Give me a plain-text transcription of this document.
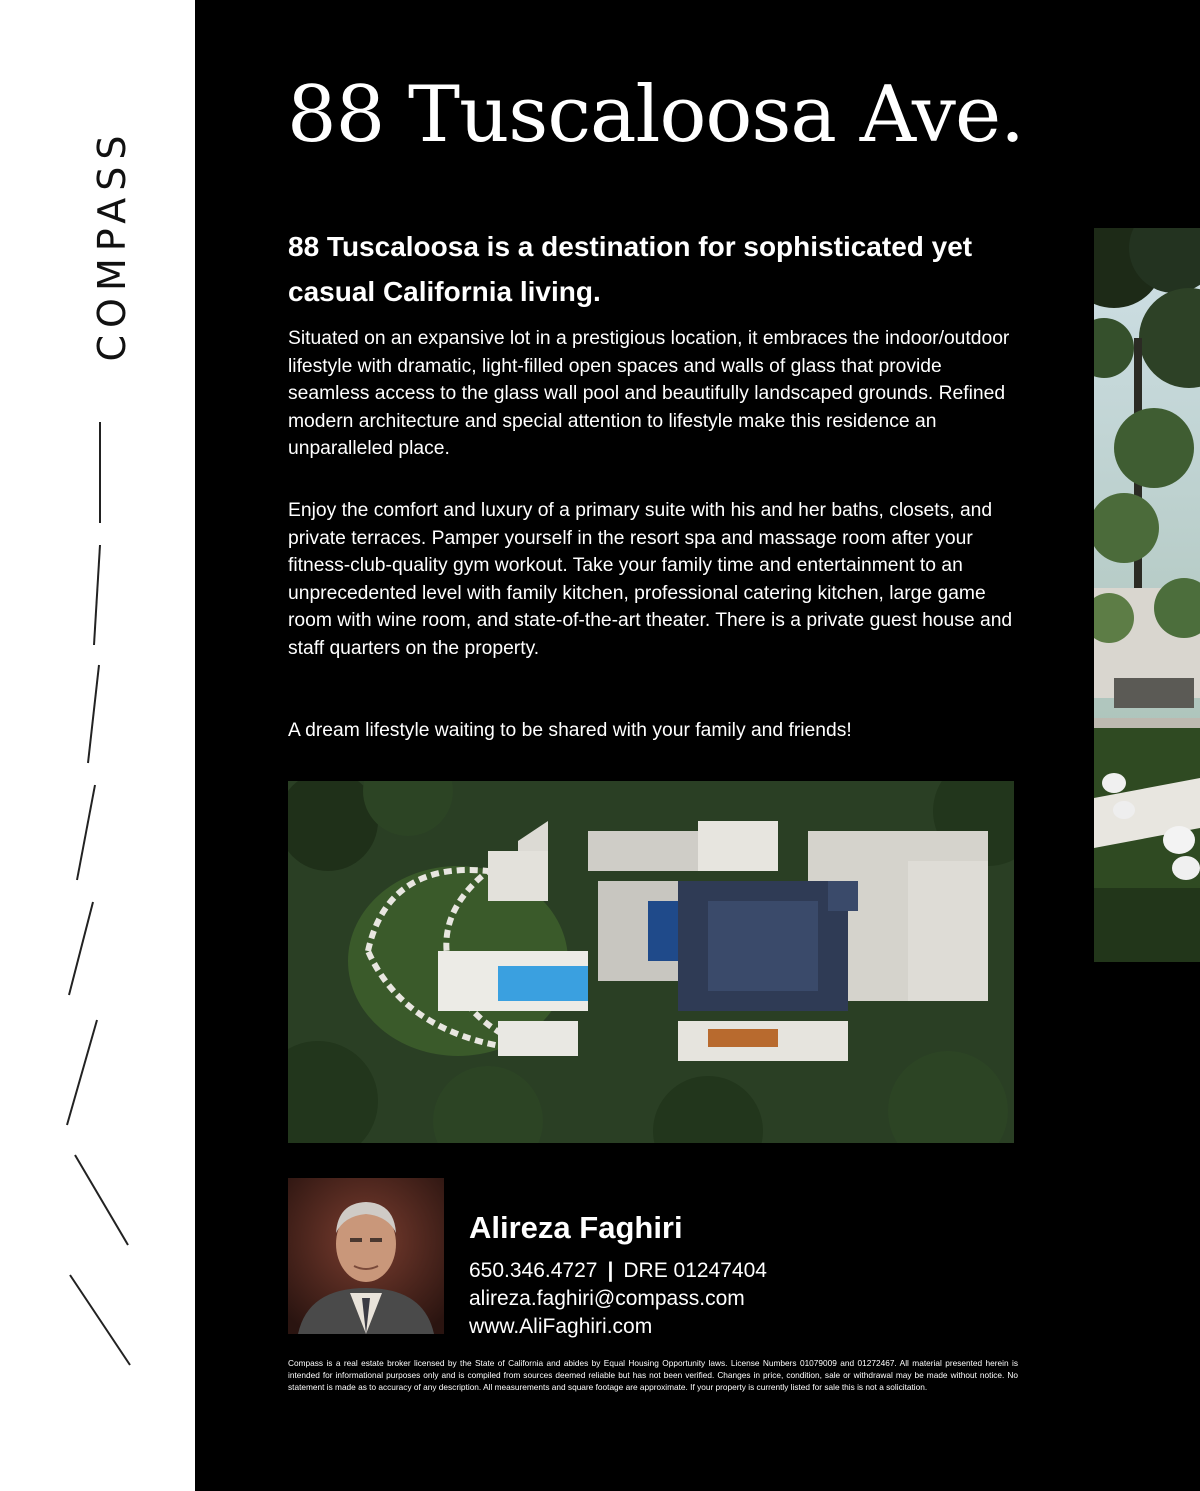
COMPASS
88 Tuscaloosa Ave.

88 Tuscaloosa is a destination for sophisticated yet casual California living.

Situated on an expansive lot in a prestigious location, it embraces the indoor/outdoor lifestyle with dramatic, light-filled open spaces and walls of glass that provide seamless access to the glass wall pool and beautifully landscaped grounds. Refined modern architecture and special attention to lifestyle make this residence an unparalleled place.

Enjoy the comfort and luxury of a primary suite with his and her baths, closets, and private terraces. Pamper yourself in the resort spa and massage room after your fitness-club-quality gym workout. Take your family time and entertainment to an unprecedented level with family kitchen, professional catering kitchen, large game room with wine room, and state-of-the-art theater. There is a private guest house and staff quarters on the property.

A dream lifestyle waiting to be shared with your family and friends!

Alireza Faghiri
650.346.4727 | DRE 01247404
alireza.faghiri@compass.com
www.AliFaghiri.com

Compass is a real estate broker licensed by the State of California and abides by Equal Housing Opportunity laws. License Numbers 01079009 and 01272467. All material presented herein is intended for informational purposes only and is compiled from sources deemed reliable but has not been verified. Changes in price, condition, sale or withdrawal may be made without notice. No statement is made as to accuracy of any description. All measurements and square footage are approximate. If your property is currently listed for sale this is not a solicitation.
